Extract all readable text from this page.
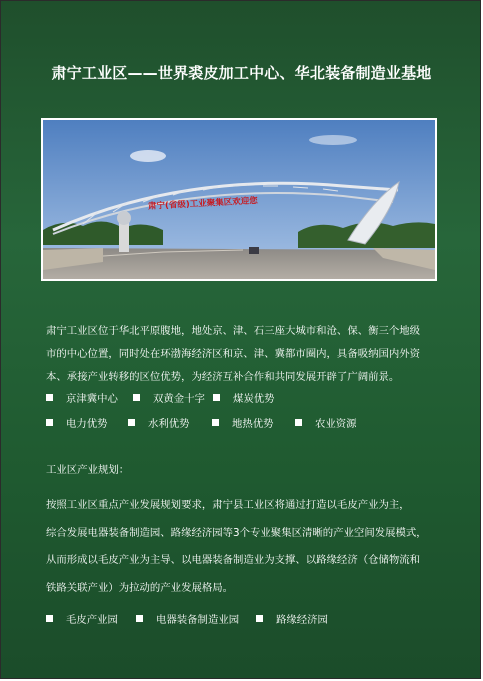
肃宁工业区——世界裘皮加工中心、华北装备制造业基地
肃宁(省级)工业聚集区欢迎您

肃宁工业区位于华北平原腹地，地处京、津、石三座大城市和沧、保、衡三个地级

市的中心位置，同时处在环渤海经济区和京、津、冀都市圈内，具备吸纳国内外资

本、承接产业转移的区位优势，为经济互补合作和共同发展开辟了广阔前景。

京津冀中心	双黄金十字	煤炭优势
电力优势	水利优势	地热优势	农业资源
工业区产业规划：

按照工业区重点产业发展规划要求，肃宁县工业区将通过打造以毛皮产业为主，

综合发展电器装备制造园、路缘经济园等3个专业聚集区清晰的产业空间发展模式，

从而形成以毛皮产业为主导、以电器装备制造业为支撑、以路缘经济（仓储物流和

铁路关联产业）为拉动的产业发展格局。

毛皮产业园	电器装备制造业园	路缘经济园
